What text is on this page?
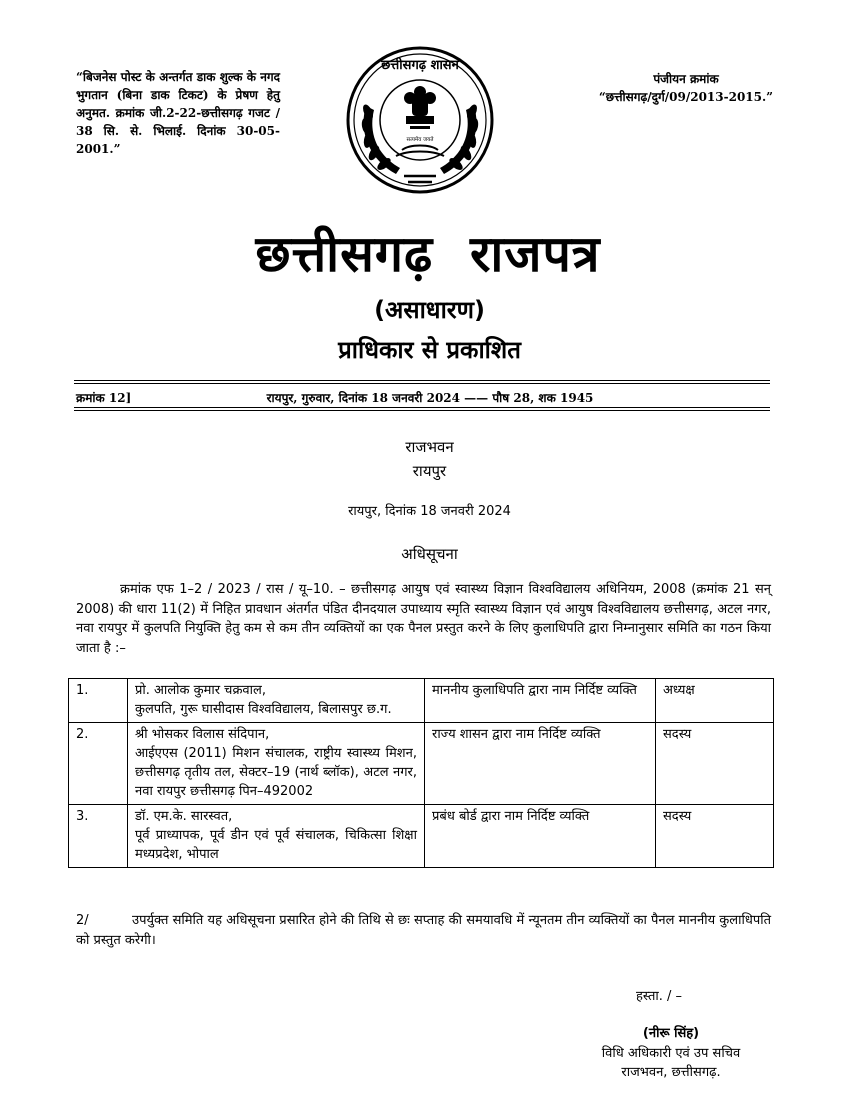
“बिजनेस पोस्ट के अन्तर्गत डाक शुल्क के नगद भुगतान (बिना डाक टिकट) के प्रेषण हेतु अनुमत. क्रमांक जी.2-22-छत्तीसगढ़ गजट / 38 सि. से. भिलाई. दिनांक 30-05-2001.”
पंजीयन क्रमांक
“छत्तीसगढ़/दुर्ग/09/2013-2015.”
छत्तीसगढ़ शासन
सत्यमेव जयते
छत्तीसगढ़  राजपत्र
(असाधारण)
प्राधिकार से प्रकाशित
क्रमांक 12]	रायपुर, गुरुवार, दिनांक 18 जनवरी 2024 —— पौष 28, शक 1945
राजभवन
रायपुर
रायपुर, दिनांक 18 जनवरी 2024
अधिसूचना
क्रमांक एफ 1–2 / 2023 / रास / यू–10. – छत्तीसगढ़ आयुष एवं स्वास्थ्य विज्ञान विश्वविद्यालय अधिनियम, 2008 (क्रमांक 21 सन् 2008) की धारा 11(2) में निहित प्रावधान अंतर्गत पंडित दीनदयाल उपाध्याय स्मृति स्वास्थ्य विज्ञान एवं आयुष विश्वविद्यालय छत्तीसगढ़, अटल नगर, नवा रायपुर में कुलपति नियुक्ति हेतु कम से कम तीन व्यक्तियों का एक पैनल प्रस्तुत करने के लिए कुलाधिपति द्वारा निम्नानुसार समिति का गठन किया जाता है :–
1.	प्रो. आलोक कुमार चक्रवाल,
कुलपति, गुरू घासीदास विश्वविद्यालय, बिलासपुर छ.ग.	माननीय कुलाधिपति द्वारा नाम निर्दिष्ट व्यक्ति	अध्यक्ष
2.	श्री भोसकर विलास संदिपान,
आईएएस (2011) मिशन संचालक, राष्ट्रीय स्वास्थ्य मिशन, छत्तीसगढ़ तृतीय तल, सेक्टर–19 (नार्थ ब्लॉक), अटल नगर, नवा रायपुर छत्तीसगढ़ पिन–492002	राज्य शासन द्वारा नाम निर्दिष्ट व्यक्ति	सदस्य
3.	डॉ. एम.के. सारस्वत,
पूर्व प्राध्यापक, पूर्व डीन एवं पूर्व संचालक, चिकित्सा शिक्षा मध्यप्रदेश, भोपाल	प्रबंध बोर्ड द्वारा नाम निर्दिष्ट व्यक्ति	सदस्य
2/	उपर्युक्त समिति यह अधिसूचना प्रसारित होने की तिथि से छः सप्ताह की समयावधि में न्यूनतम तीन व्यक्तियों का पैनल माननीय कुलाधिपति को प्रस्तुत करेगी।
हस्ता. / –
(नीरू सिंह)
विधि अधिकारी एवं उप सचिव
राजभवन, छत्तीसगढ़.
